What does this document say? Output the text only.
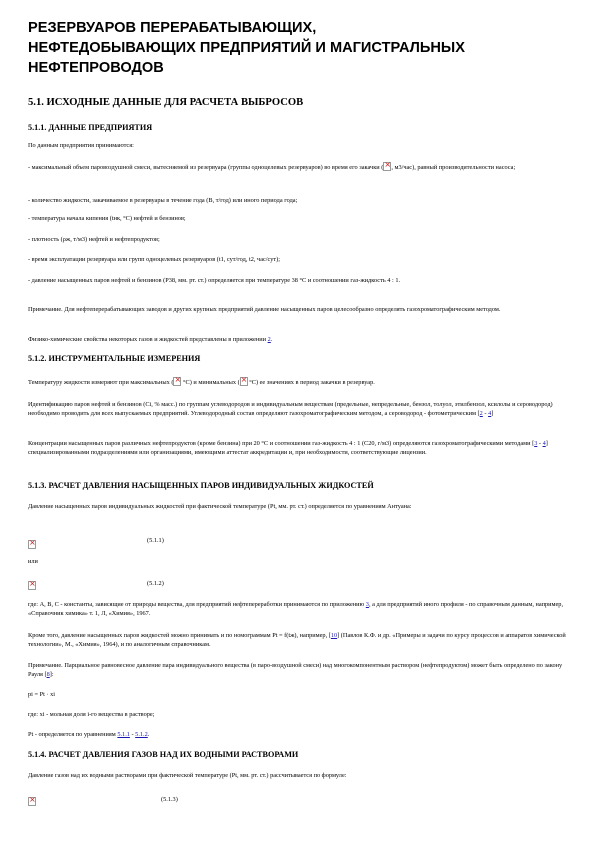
РЕЗЕРВУАРОВ ПЕРЕРАБАТЫВАЮЩИХ,
НЕФТЕДОБЫВАЮЩИХ ПРЕДПРИЯТИЙ И МАГИСТРАЛЬНЫХ
НЕФТЕПРОВОДОВ
5.1. ИСХОДНЫЕ ДАННЫЕ ДЛЯ РАСЧЕТА ВЫБРОСОВ
5.1.1. ДАННЫЕ ПРЕДПРИЯТИЯ
По данным предприятия принимаются:
- максимальный объем паровоздушной смеси, вытесняемой из резервуара (группы одноцелевых резервуаров) во время его закачки (× , м3/час), равный производительности насоса;
- количество жидкости, закачиваемое в резервуары в течение года (В, т/год) или иного периода года;
- температура начала кипения (tнк, °С) нефтей и бензинов;
- плотность (ρж, т/м3) нефтей и нефтепродуктов;
- время эксплуатации резервуара или групп одноцелевых резервуаров (t1, сут/год, t2, час/сут);
- давление насыщенных паров нефтей и бензинов (Р38, мм. рт. ст.) определяется при температуре 38 °С и соотношении газ-жидкость 4 : 1.
Примечание. Для нефтеперерабатывающих заводов и других крупных предприятий давление насыщенных паров целесообразно определять газохроматографическим методом.
Физико-химические свойства некоторых газов и жидкостей представлены в приложении 2.
5.1.2. ИНСТРУМЕНТАЛЬНЫЕ ИЗМЕРЕНИЯ
Температуру жидкости измеряют при максимальных (× °С) и минимальных (× °С) ее значениях в период закачки в резервуар.
Идентификацию паров нефтей и бензинов (Ci, % масс.) по группам углеводородов и индивидуальным веществам (предельные, непредельные, бензол, толуол, этилбензол, ксилолы и сероводород) необходимо проводить для всех выпускаемых предприятий. Углеводородный состав определяют газохроматографическим методом, а сероводород - фотометрическим [2 - 4]
Концентрации насыщенных паров различных нефтепродуктов (кроме бензина) при 20 °С и соотношении газ-жидкость 4 : 1 (C20, г/м3) определяются газохроматографическими методами [3 - 4] специализированными подразделениями или организациями, имеющими аттестат аккредитации и, при необходимости, соответствующие лицензии.
5.1.3. РАСЧЕТ ДАВЛЕНИЯ НАСЫЩЕННЫХ ПАРОВ ИНДИВИДУАЛЬНЫХ ЖИДКОСТЕЙ
Давление насыщенных паров индивидуальных жидкостей при фактической температуре (Pt, мм. рт. ст.) определяется по уравнениям Антуана:
×
(5.1.1)
или
×
(5.1.2)
где: A, B, C - константы, зависящие от природы вещества, для предприятий нефтепереработки принимаются по приложению 3, а для предприятий иного профиля - по справочным данным, например, «Справочник химика» т. 1, Л, «Химия», 1967.
Кроме того, давление насыщенных паров жидкостей можно принимать и по номограммам Pt = f(tж), например, [10] (Павлов К.Ф. и др. «Примеры и задачи по курсу процессов и аппаратов химической технологии», М., «Химия», 1964), и по аналогичным справочникам.
Примечание. Парциальное равновесное давление пара индивидуального вещества (в паро-воздушной смеси) над многокомпонентным раствором (нефтепродуктом) может быть определено по закону Рауля [8]:
pi = Pt · xi
где: xi - мольная доля i-го вещества в растворе;
Pt - определяется по уравнениям 5.1.1 - 5.1.2.
5.1.4. РАСЧЕТ ДАВЛЕНИЯ ГАЗОВ НАД ИХ ВОДНЫМИ РАСТВОРАМИ
Давление газов над их водными растворами при фактической температуре (Pt, мм. рт. ст.) рассчитывается по формуле:
×
(5.1.3)
